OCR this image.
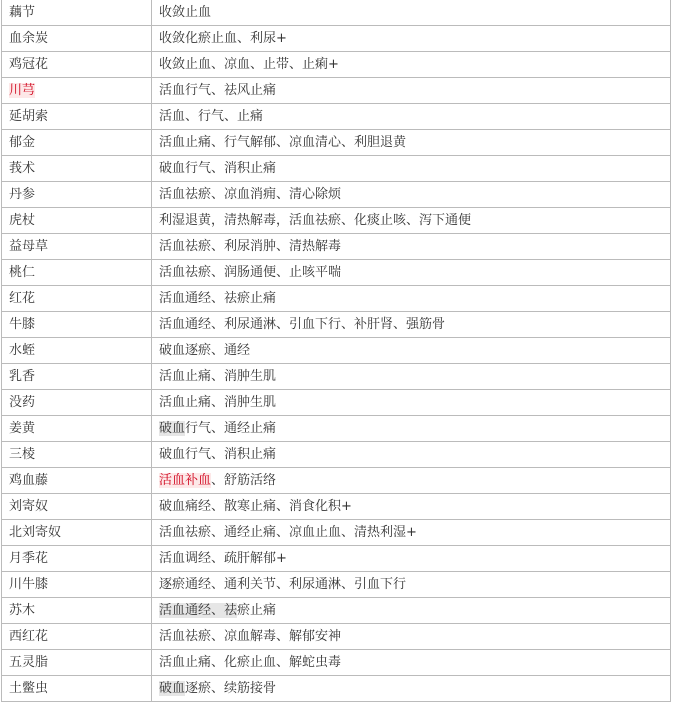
藕节	收敛止血
血余炭	收敛化瘀止血、利尿+
鸡冠花	收敛止血、凉血、止带、止痢+
川芎	活血行气、祛风止痛
延胡索	活血、行气、止痛
郁金	活血止痛、行气解郁、凉血清心、利胆退黄
莪术	破血行气、消积止痛
丹参	活血祛瘀、凉血消痈、清心除烦
虎杖	利湿退黄，清热解毒，活血祛瘀、化痰止咳、泻下通便
益母草	活血祛瘀、利尿消肿、清热解毒
桃仁	活血祛瘀、润肠通便、止咳平喘
红花	活血通经、祛瘀止痛
牛膝	活血通经、利尿通淋、引血下行、补肝肾、强筋骨
水蛭	破血逐瘀、通经
乳香	活血止痛、消肿生肌
没药	活血止痛、消肿生肌
姜黄	破血行气、通经止痛
三棱	破血行气、消积止痛
鸡血藤	活血补血、舒筋活络
刘寄奴	破血痛经、散寒止痛、消食化积+
北刘寄奴	活血祛瘀、通经止痛、凉血止血、清热利湿+
月季花	活血调经、疏肝解郁+
川牛膝	逐瘀通经、通利关节、利尿通淋、引血下行
苏木	活血通经、祛瘀止痛
西红花	活血祛瘀、凉血解毒、解郁安神
五灵脂	活血止痛、化瘀止血、解蛇虫毒
土鳖虫	破血逐瘀、续筋接骨
